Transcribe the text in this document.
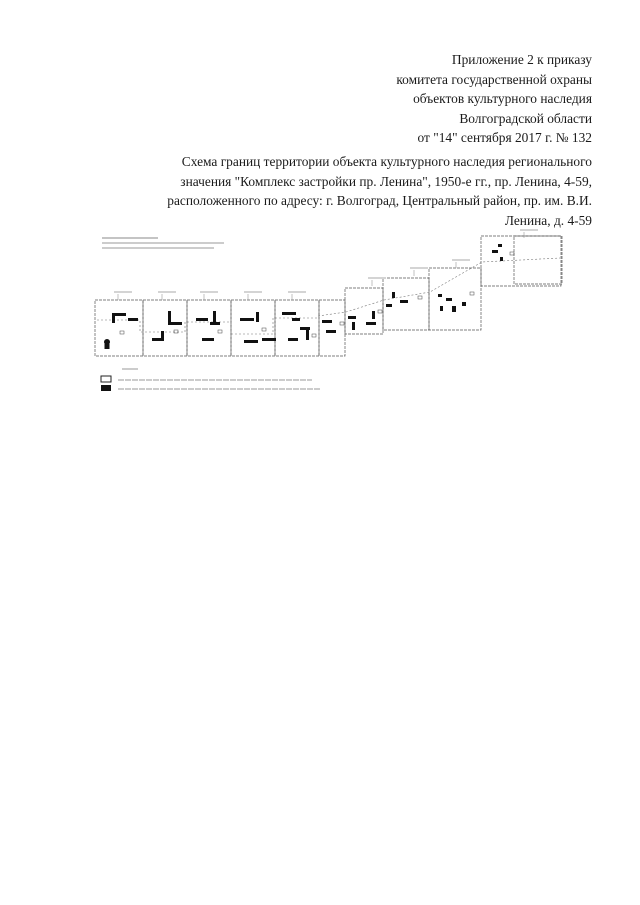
Приложение 2 к приказу
комитета государственной охраны
объектов культурного наследия
Волгоградской области
от "14" сентября 2017 г. № 132
Схема границ территории объекта культурного наследия регионального
значения "Комплекс застройки пр. Ленина", 1950-е гг., пр. Ленина, 4-59,
расположенного по адресу: г. Волгоград, Центральный район, пр. им. В.И.
Ленина, д. 4-59
